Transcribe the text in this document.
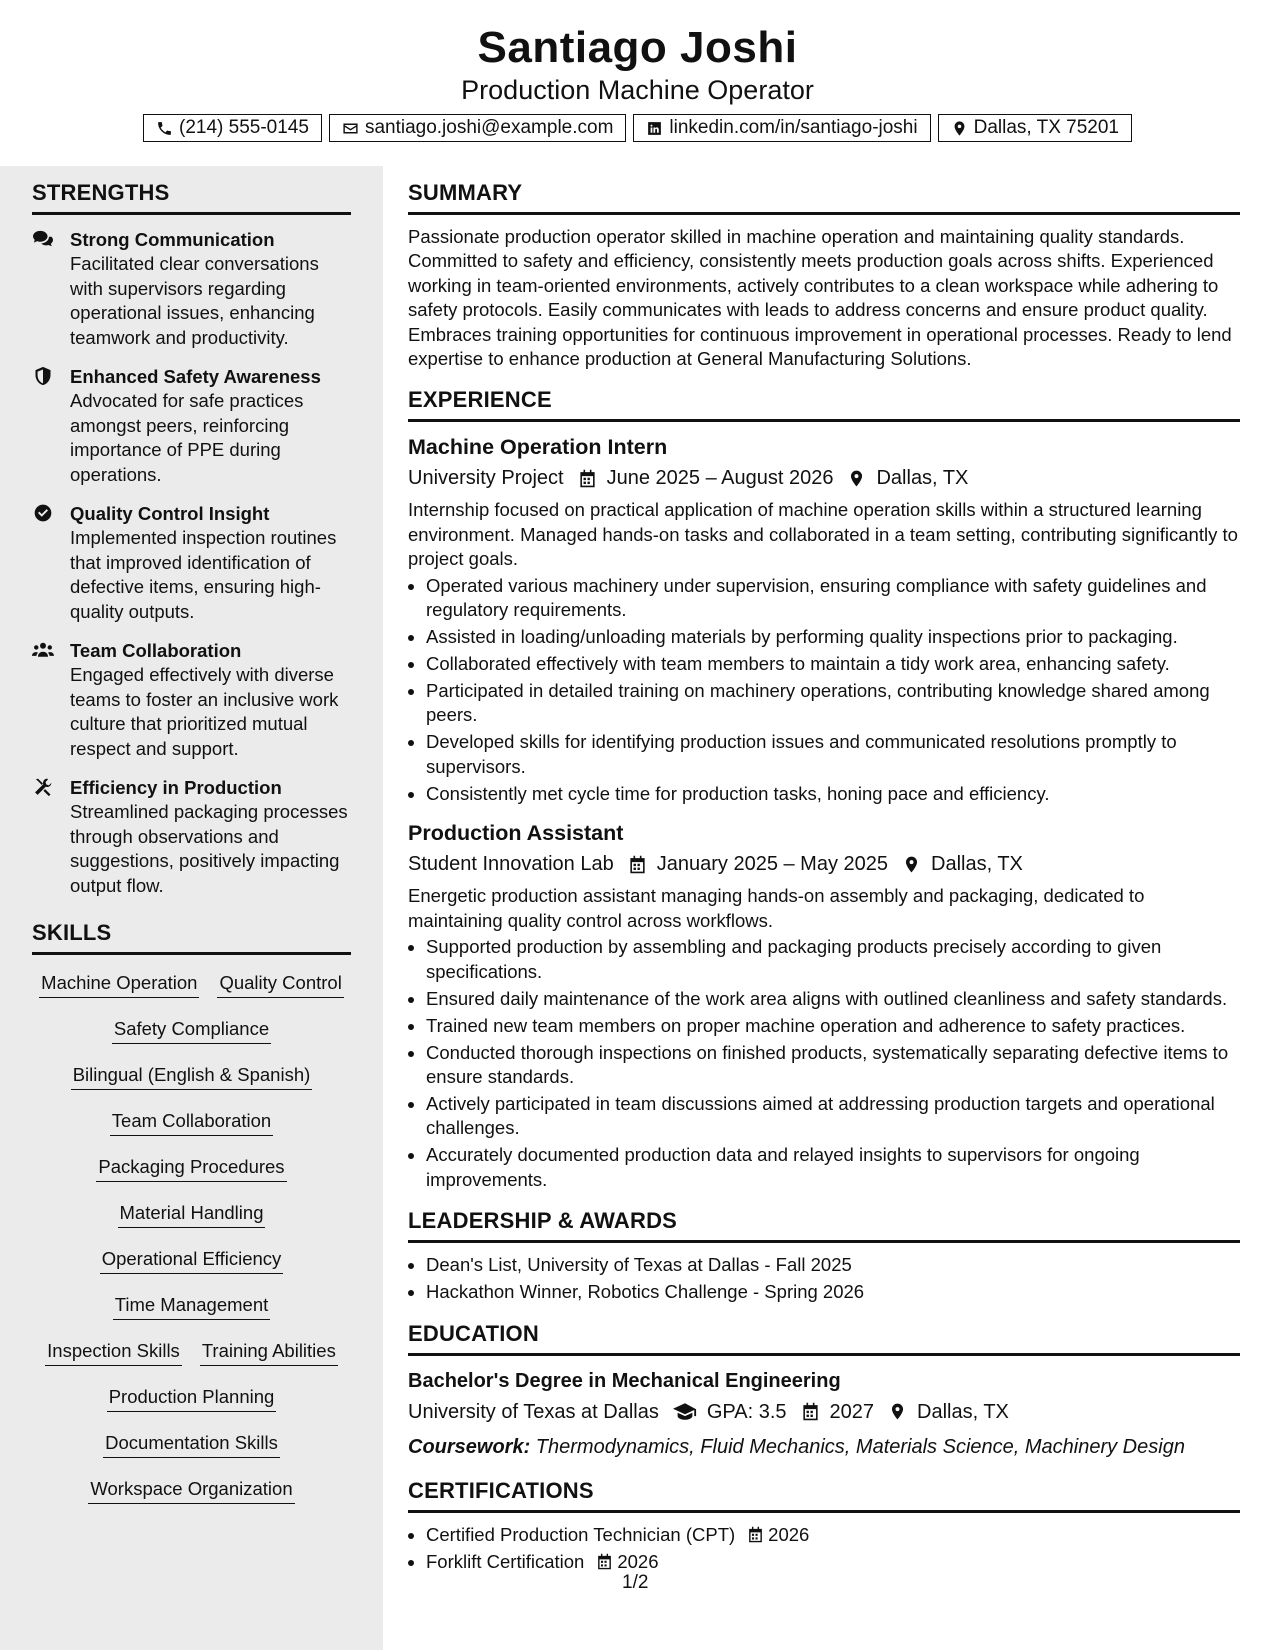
Santiago Joshi
Production Machine Operator
(214) 555-0145	santiago.joshi@example.com	linkedin.com/in/santiago-joshi	Dallas, TX 75201
STRENGTHS
Strong Communication
Facilitated clear conversations with supervisors regarding operational issues, enhancing teamwork and productivity.
Enhanced Safety Awareness
Advocated for safe practices amongst peers, reinforcing importance of PPE during operations.
Quality Control Insight
Implemented inspection routines that improved identification of defective items, ensuring high-quality outputs.
Team Collaboration
Engaged effectively with diverse teams to foster an inclusive work culture that prioritized mutual respect and support.
Efficiency in Production
Streamlined packaging processes through observations and suggestions, positively impacting output flow.
SKILLS
Machine Operation Quality Control
Safety Compliance
Bilingual (English & Spanish)
Team Collaboration
Packaging Procedures
Material Handling
Operational Efficiency
Time Management
Inspection Skills Training Abilities
Production Planning
Documentation Skills
Workspace Organization
SUMMARY

Passionate production operator skilled in machine operation and maintaining quality standards. Committed to safety and efficiency, consistently meets production goals across shifts. Experienced working in team-oriented environments, actively contributes to a clean workspace while adhering to safety protocols. Easily communicates with leads to address concerns and ensure product quality. Embraces training opportunities for continuous improvement in operational processes. Ready to lend expertise to enhance production at General Manufacturing Solutions.

EXPERIENCE
Machine Operation Intern
University Project June 2025 – August 2026 Dallas, TX

Internship focused on practical application of machine operation skills within a structured learning environment. Managed hands-on tasks and collaborated in a team setting, contributing significantly to project goals.

• Operated various machinery under supervision, ensuring compliance with safety guidelines and regulatory requirements.
• Assisted in loading/unloading materials by performing quality inspections prior to packaging.
• Collaborated effectively with team members to maintain a tidy work area, enhancing safety.
• Participated in detailed training on machinery operations, contributing knowledge shared among peers.
• Developed skills for identifying production issues and communicated resolutions promptly to supervisors.
• Consistently met cycle time for production tasks, honing pace and efficiency.
Production Assistant
Student Innovation Lab January 2025 – May 2025 Dallas, TX

Energetic production assistant managing hands-on assembly and packaging, dedicated to maintaining quality control across workflows.

• Supported production by assembling and packaging products precisely according to given specifications.
• Ensured daily maintenance of the work area aligns with outlined cleanliness and safety standards.
• Trained new team members on proper machine operation and adherence to safety practices.
• Conducted thorough inspections on finished products, systematically separating defective items to ensure standards.
• Actively participated in team discussions aimed at addressing production targets and operational challenges.
• Accurately documented production data and relayed insights to supervisors for ongoing improvements.
LEADERSHIP & AWARDS
• Dean's List, University of Texas at Dallas - Fall 2025
• Hackathon Winner, Robotics Challenge - Spring 2026
EDUCATION
Bachelor's Degree in Mechanical Engineering
University of Texas at Dallas GPA: 3.5 2027 Dallas, TX
Coursework: Thermodynamics, Fluid Mechanics, Materials Science, Machinery Design
CERTIFICATIONS
• Certified Production Technician (CPT) 2026
• Forklift Certification 2026
1/2
